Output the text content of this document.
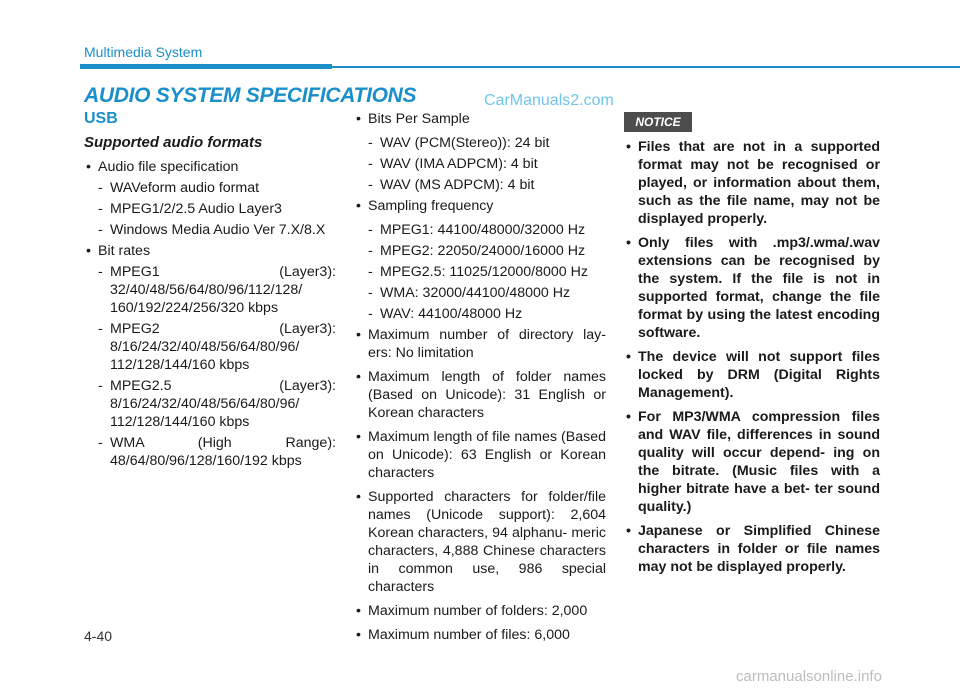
Multimedia System
AUDIO SYSTEM SPECIFICATIONS	CarManuals2.com
USB
Supported audio formats
• Audio file specification
- WAVeform audio format
- MPEG1/2/2.5 Audio Layer3
- Windows Media Audio Ver 7.X/8.X
• Bit rates
- MPEG1 (Layer3): 32/40/48/56/64/80/96/112/128/ 160/192/224/256/320 kbps
- MPEG2 (Layer3): 8/16/24/32/40/48/56/64/80/96/ 112/128/144/160 kbps
- MPEG2.5 (Layer3): 8/16/24/32/40/48/56/64/80/96/ 112/128/144/160 kbps
- WMA (High Range): 48/64/80/96/128/160/192 kbps
• Bits Per Sample
- WAV (PCM(Stereo)): 24 bit
- WAV (IMA ADPCM): 4 bit
- WAV (MS ADPCM): 4 bit
• Sampling frequency
- MPEG1: 44100/48000/32000 Hz
- MPEG2: 22050/24000/16000 Hz
- MPEG2.5: 11025/12000/8000 Hz
- WMA: 32000/44100/48000 Hz
- WAV: 44100/48000 Hz
• Maximum number of directory lay- ers: No limitation
• Maximum length of folder names (Based on Unicode): 31 English or Korean characters
• Maximum length of file names (Based on Unicode): 63 English or Korean characters
• Supported characters for folder/file names (Unicode support): 2,604 Korean characters, 94 alphanu- meric characters, 4,888 Chinese characters in common use, 986 special characters
• Maximum number of folders: 2,000
• Maximum number of files: 6,000
NOTICE
• Files that are not in a supported format may not be recognised or played, or information about them, such as the file name, may not be displayed properly.
• Only files with .mp3/.wma/.wav extensions can be recognised by the system. If the file is not in supported format, change the file format by using the latest encoding software.
• The device will not support files locked by DRM (Digital Rights Management).
• For MP3/WMA compression files and WAV file, differences in sound quality will occur depend- ing on the bitrate. (Music files with a higher bitrate have a bet- ter sound quality.)
• Japanese or Simplified Chinese characters in folder or file names may not be displayed properly.
4-40
carmanualsonline.info
